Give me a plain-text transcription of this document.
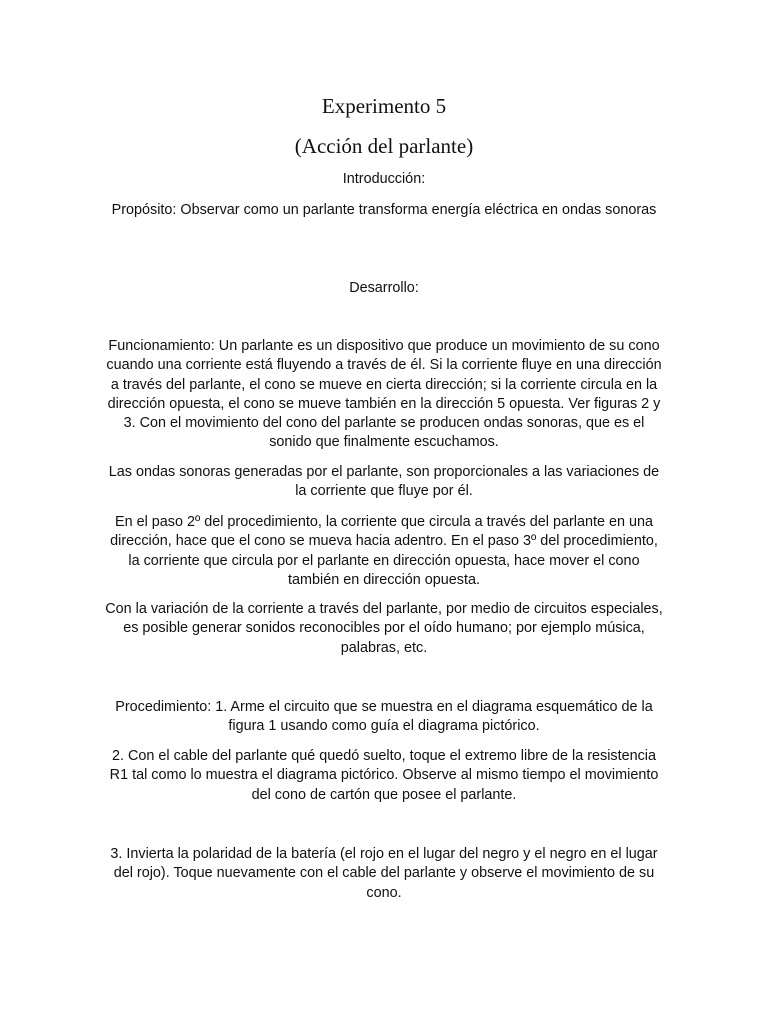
Experimento 5
(Acción del parlante)

Introducción:

Propósito: Observar como un parlante transforma energía eléctrica en ondas sonoras

Desarrollo:

Funcionamiento: Un parlante es un dispositivo que produce un movimiento de su cono cuando una corriente está fluyendo a través de él. Si la corriente fluye en una dirección a través del parlante, el cono se mueve en cierta dirección; si la corriente circula en la dirección opuesta, el cono se mueve también en la dirección 5 opuesta. Ver figuras 2 y 3. Con el movimiento del cono del parlante se producen ondas sonoras, que es el sonido que finalmente escuchamos.

Las ondas sonoras generadas por el parlante, son proporcionales a las variaciones de la corriente que fluye por él.

En el paso 2º del procedimiento, la corriente que circula a través del parlante en una dirección, hace que el cono se mueva hacia adentro. En el paso 3º del procedimiento, la corriente que circula por el parlante en dirección opuesta, hace mover el cono también en dirección opuesta.

Con la variación de la corriente a través del parlante, por medio de circuitos especiales, es posible generar sonidos reconocibles por el oído humano; por ejemplo música, palabras, etc.

Procedimiento: 1. Arme el circuito que se muestra en el diagrama esquemático de la figura 1 usando como guía el diagrama pictórico.

2. Con el cable del parlante qué quedó suelto, toque el extremo libre de la resistencia R1 tal como lo muestra el diagrama pictórico. Observe al mismo tiempo el movimiento del cono de cartón que posee el parlante.

3. Invierta la polaridad de la batería (el rojo en el lugar del negro y el negro en el lugar del rojo). Toque nuevamente con el cable del parlante y observe el movimiento de su cono.
